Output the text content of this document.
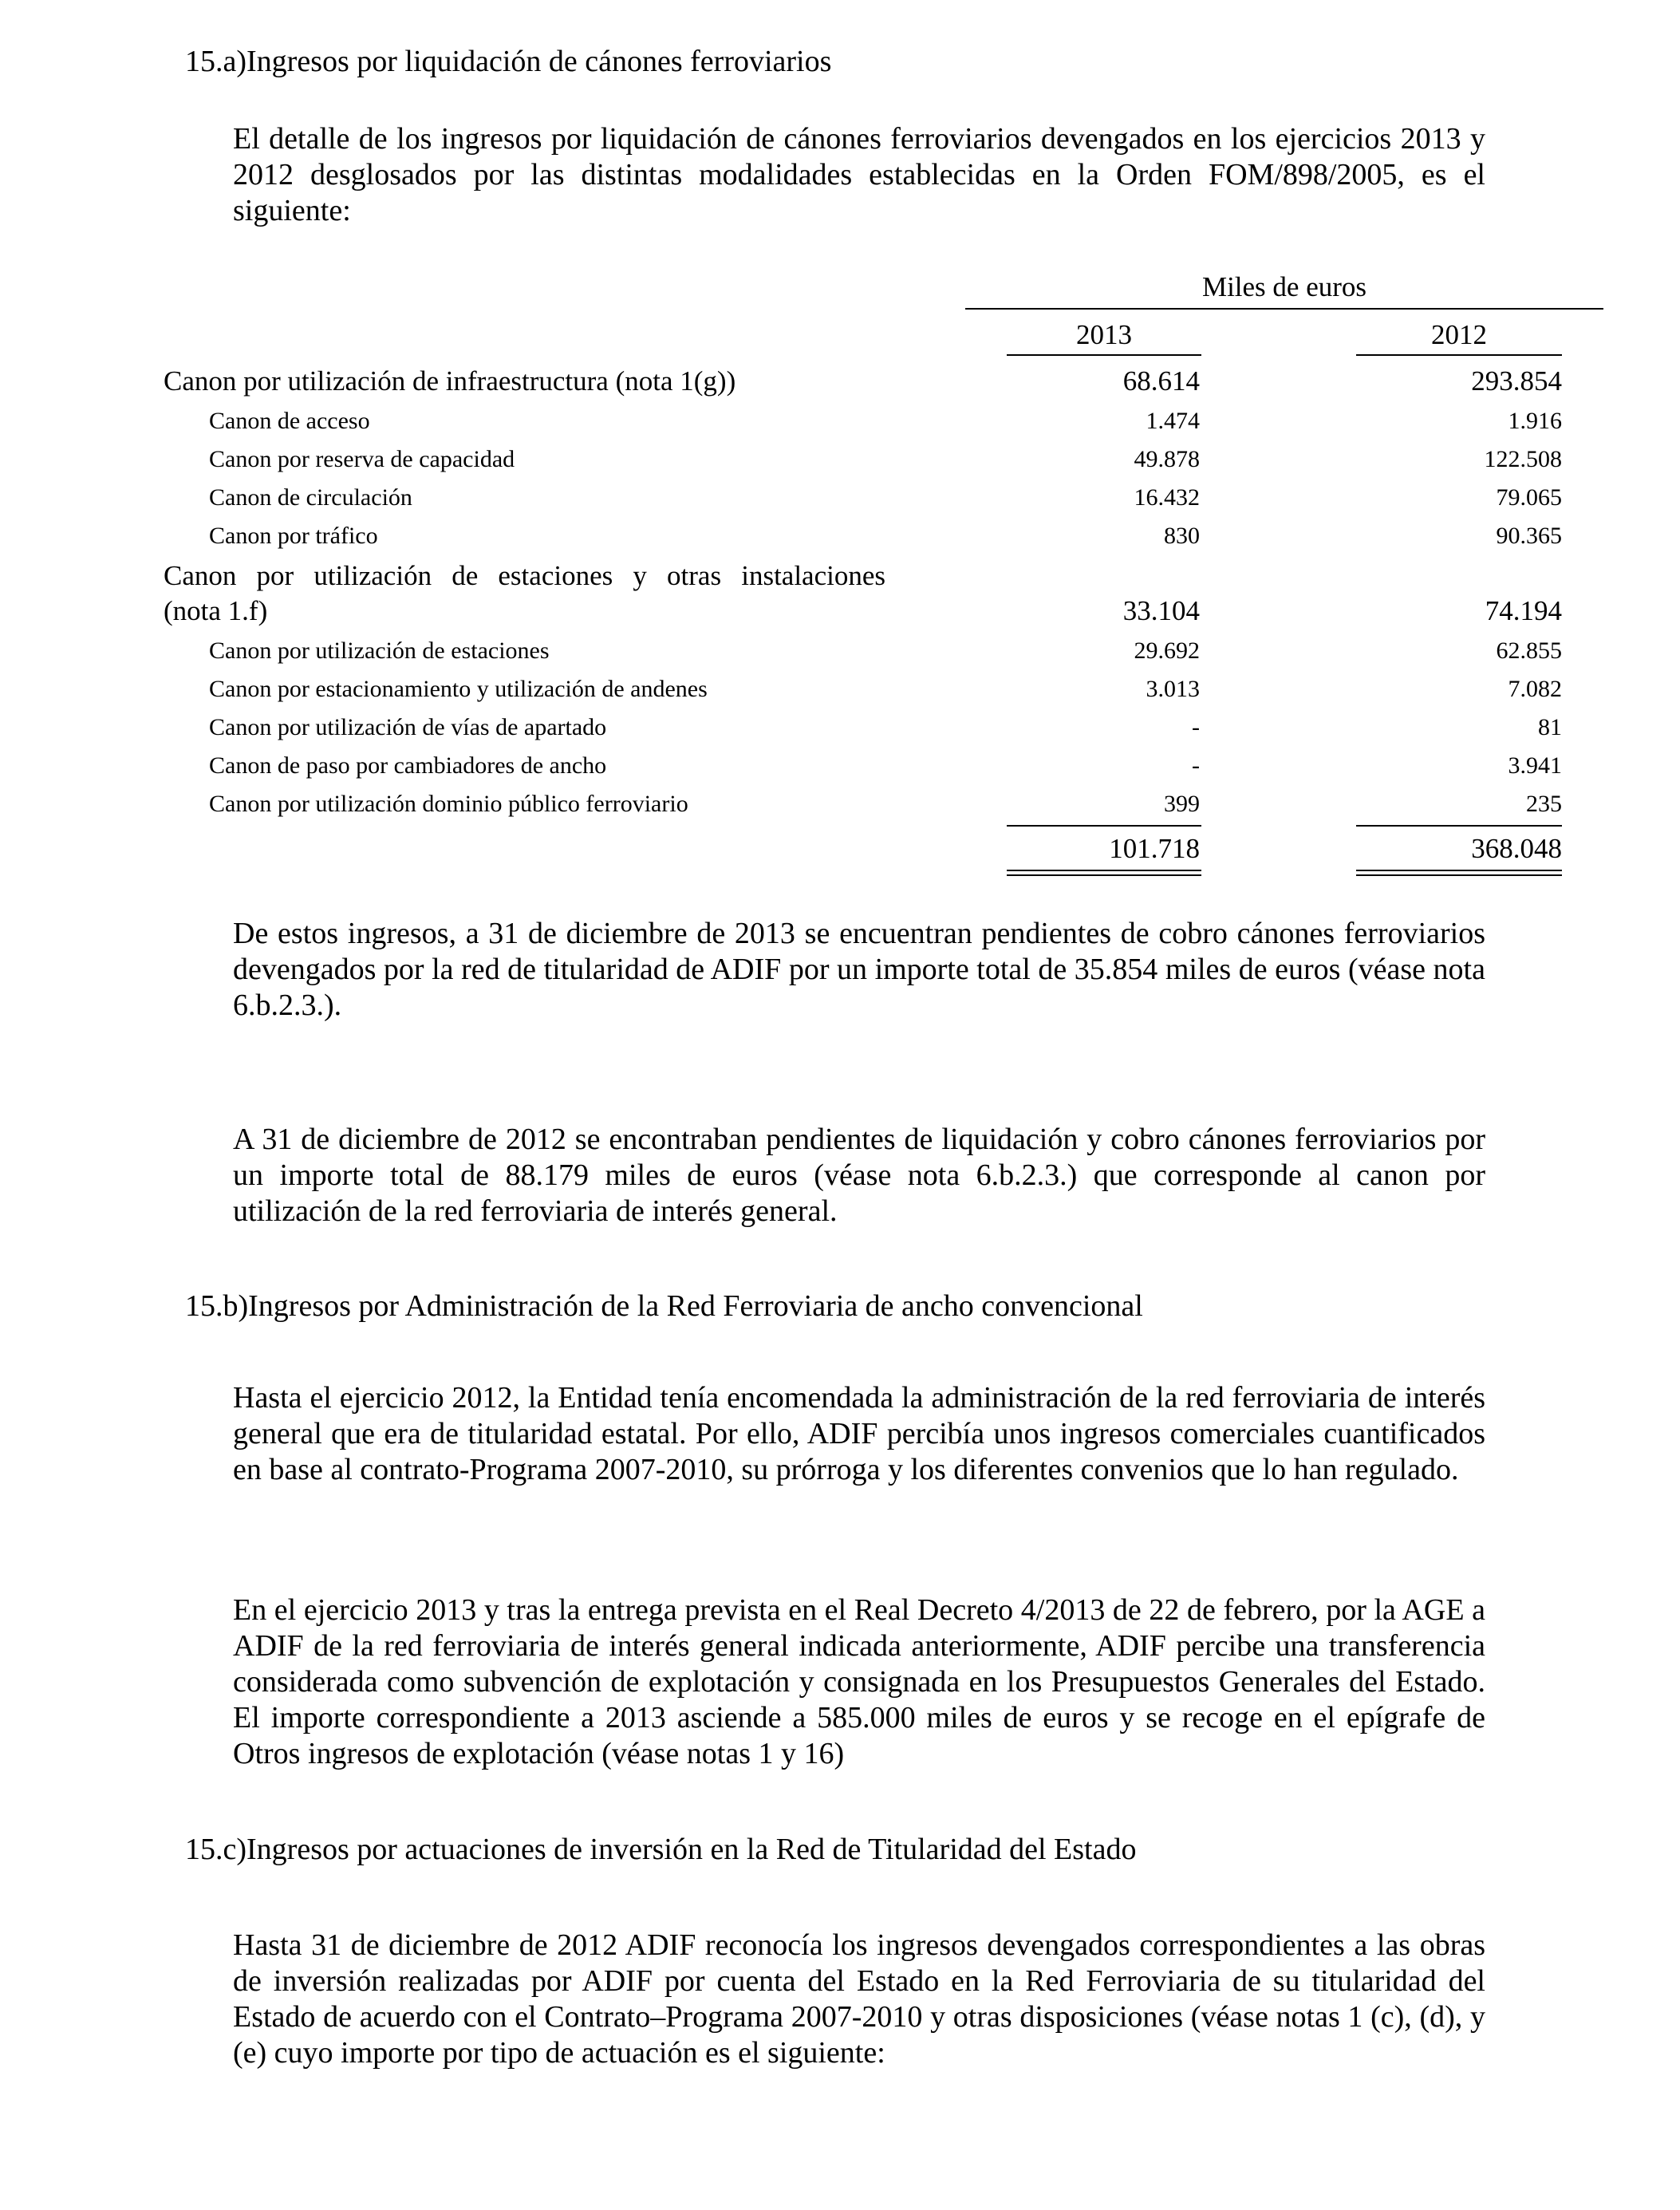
15.a)Ingresos por liquidación de cánones ferroviarios

El detalle de los ingresos por liquidación de cánones ferroviarios devengados en los ejercicios 2013 y 2012 desglosados por las distintas modalidades establecidas en la Orden FOM/898/2005, es el siguiente:

Miles de euros
2013	2012
Canon por utilización de infraestructura (nota 1(g))	68.614	293.854
Canon de acceso	1.474	1.916
Canon por reserva de capacidad	49.878	122.508
Canon de circulación	16.432	79.065
Canon por tráfico	830	90.365
Canon por utilización de estaciones y otras instalaciones
(nota 1.f)	33.104	74.194
Canon por utilización de estaciones	29.692	62.855
Canon por estacionamiento y utilización de andenes	3.013	7.082
Canon por utilización de vías de apartado	-	81
Canon de paso por cambiadores de ancho	-	3.941
Canon por utilización dominio público ferroviario	399	235
101.718	368.048

De estos ingresos, a 31 de diciembre de 2013 se encuentran pendientes de cobro cánones ferroviarios devengados por la red de titularidad de ADIF por un importe total de 35.854 miles de euros (véase nota 6.b.2.3.).

A 31 de diciembre de 2012 se encontraban pendientes de liquidación y cobro cánones ferroviarios por un importe total de 88.179 miles de euros (véase nota 6.b.2.3.) que corresponde al canon por utilización de la red ferroviaria de interés general.

15.b)Ingresos por Administración de la Red Ferroviaria de ancho convencional

Hasta el ejercicio 2012, la Entidad tenía encomendada la administración de la red ferroviaria de interés general que era de titularidad estatal. Por ello, ADIF percibía unos ingresos comerciales cuantificados en base al contrato-Programa 2007-2010, su prórroga y los diferentes convenios que lo han regulado.

En el ejercicio 2013 y tras la entrega prevista en el Real Decreto 4/2013 de 22 de febrero, por la AGE a ADIF de la red ferroviaria de interés general indicada anteriormente, ADIF percibe una transferencia considerada como subvención de explotación y consignada en los Presupuestos Generales del Estado. El importe correspondiente a 2013 asciende a 585.000 miles de euros y se recoge en el epígrafe de Otros ingresos de explotación (véase notas 1 y 16)

15.c)Ingresos por actuaciones de inversión en la Red de Titularidad del Estado

Hasta 31 de diciembre de 2012 ADIF reconocía los ingresos devengados correspondientes a las obras de inversión realizadas por ADIF por cuenta del Estado en la Red Ferroviaria de su titularidad del Estado de acuerdo con el Contrato–Programa 2007-2010 y otras disposiciones (véase notas 1 (c), (d), y (e) cuyo importe por tipo de actuación es el siguiente:
